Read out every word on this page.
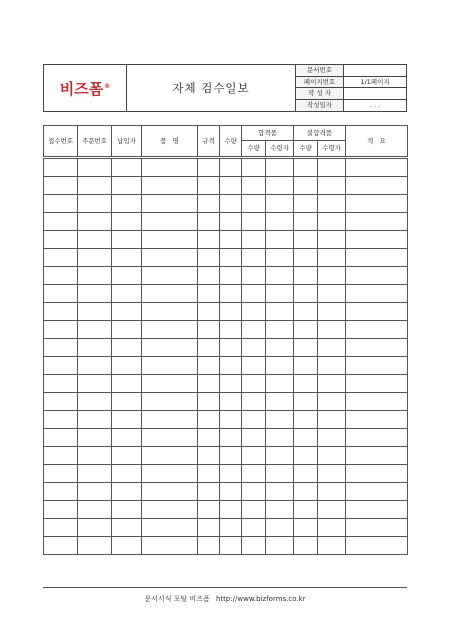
비즈폼®	자체 검수일보
문서번호
페이지번호	1/1페이지
작 성 자
작성일자	. . .
접수번호	주문번호	납입자	품   명	규격	수량	합격품		불합격품		적   요
						수량	수령자	수량	수령자	

문서서식 포탈 비즈폼 http://www.bizforms.co.kr
